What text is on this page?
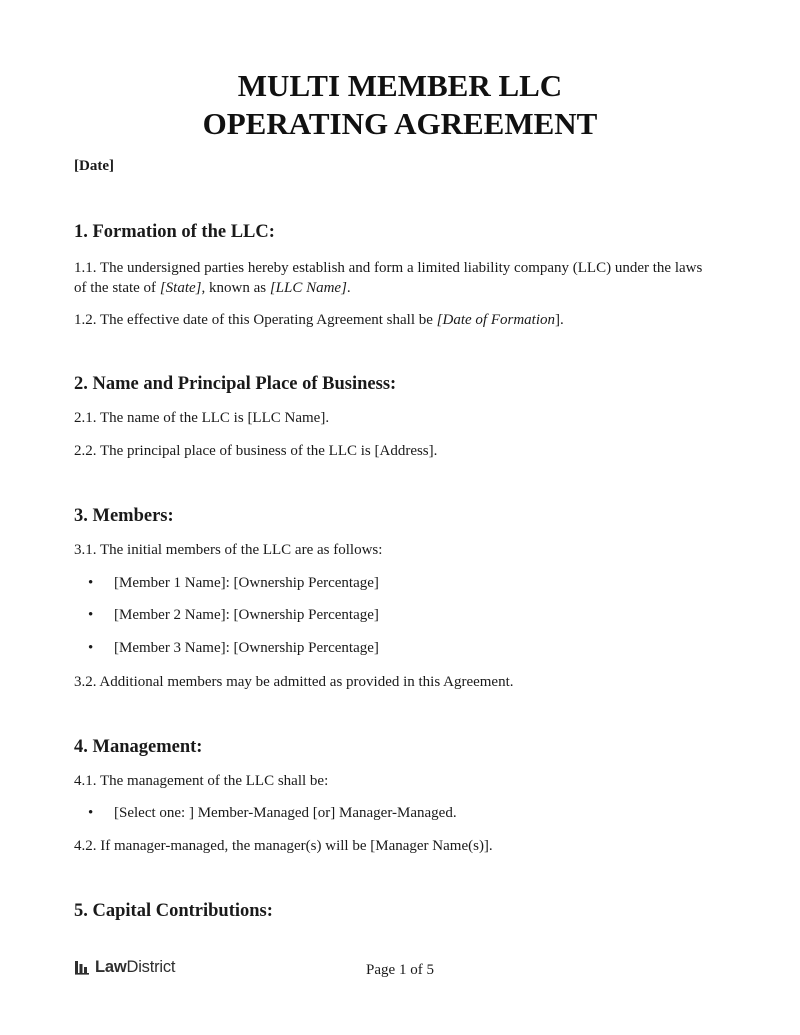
MULTI MEMBER LLC
OPERATING AGREEMENT
[Date]
1. Formation of the LLC:
1.1. The undersigned parties hereby establish and form a limited liability company (LLC) under the laws of the state of [State], known as [LLC Name].
1.2. The effective date of this Operating Agreement shall be [Date of Formation].
2. Name and Principal Place of Business:
2.1. The name of the LLC is [LLC Name].
2.2. The principal place of business of the LLC is [Address].
3. Members:
3.1. The initial members of the LLC are as follows:
• [Member 1 Name]: [Ownership Percentage]
• [Member 2 Name]: [Ownership Percentage]
• [Member 3 Name]: [Ownership Percentage]
3.2. Additional members may be admitted as provided in this Agreement.
4. Management:
4.1. The management of the LLC shall be:
• [Select one: ] Member-Managed [or] Manager-Managed.
4.2. If manager-managed, the manager(s) will be [Manager Name(s)].
5. Capital Contributions:
LawDistrict	Page 1 of 5
